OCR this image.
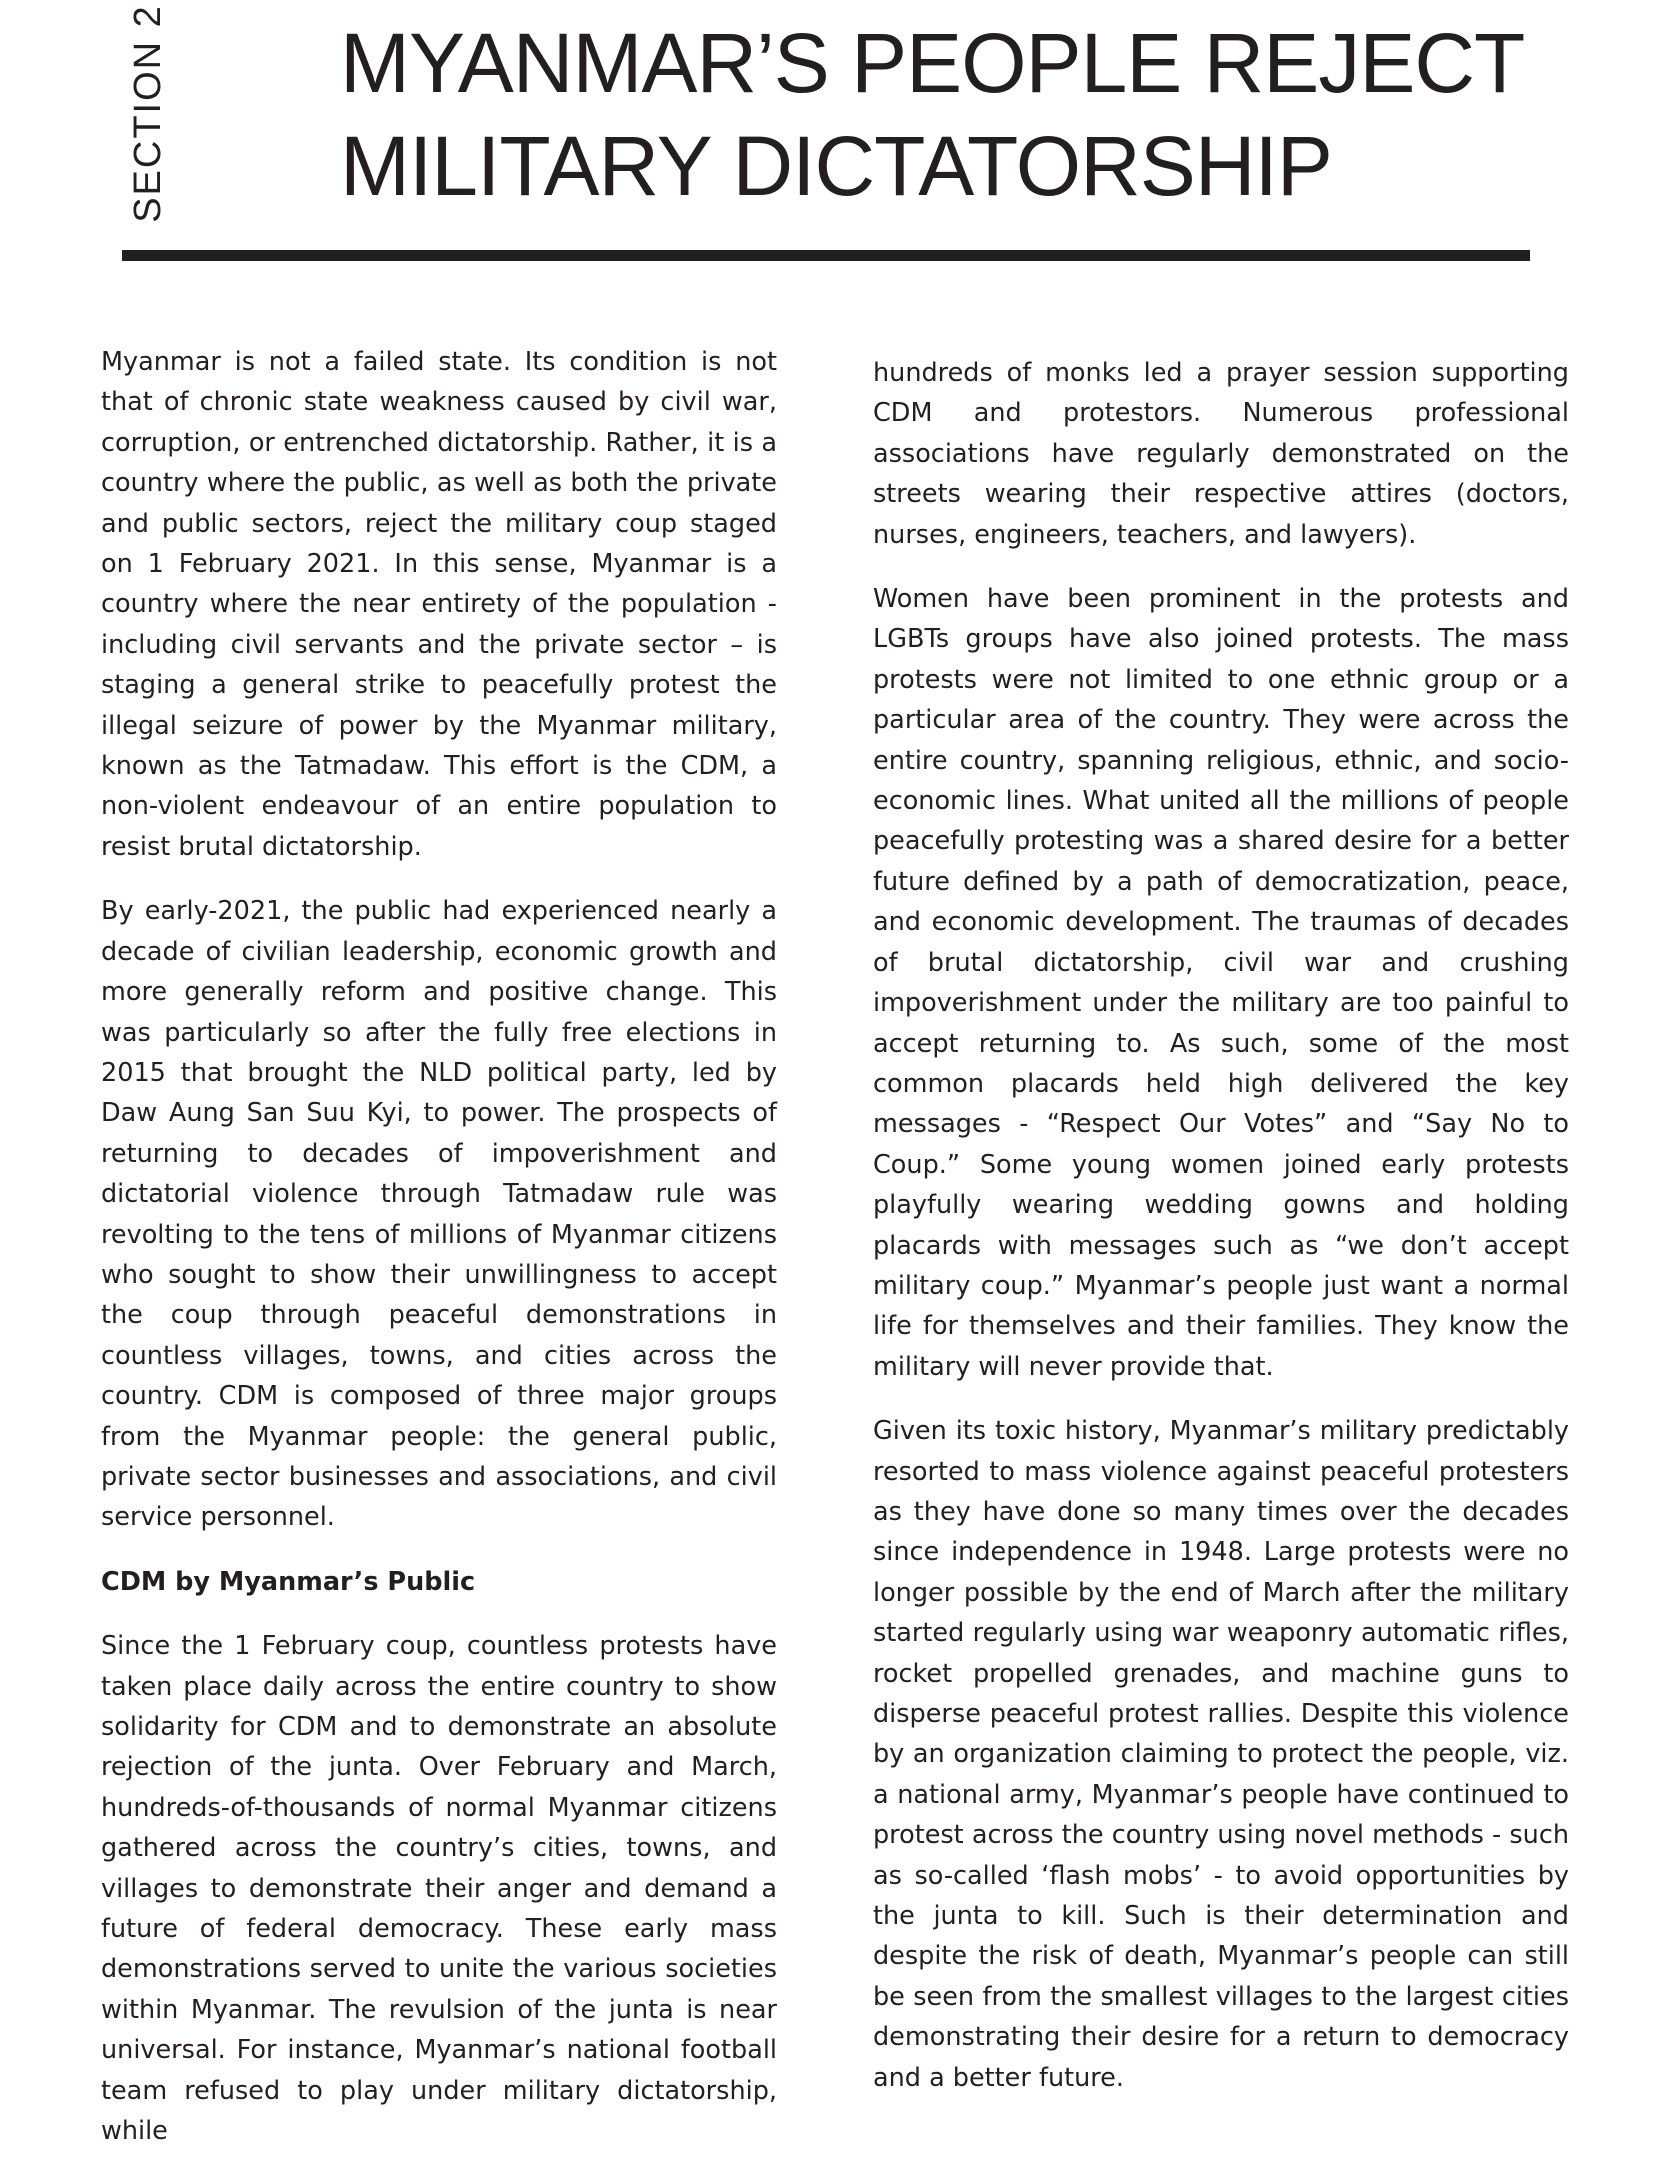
SECTION 2 MYANMAR’S PEOPLE REJECT
MILITARY DICTATORSHIP

Myanmar is not a failed state. Its condition is not that of chronic state weakness caused by civil war, corruption, or entrenched dictatorship. Rather, it is a country where the public, as well as both the private and public sectors, reject the military coup staged on 1 February 2021. In this sense, Myanmar is a country where the near entirety of the population - including civil servants and the private sector – is staging a general strike to peacefully protest the illegal seizure of power by the Myanmar military, known as the Tatmadaw. This effort is the CDM, a non-violent endeavour of an entire population to resist brutal dictatorship.

By early-2021, the public had experienced nearly a decade of civilian leadership, economic growth and more generally reform and positive change. This was particularly so after the fully free elections in 2015 that brought the NLD political party, led by Daw Aung San Suu Kyi, to power. The prospects of returning to decades of impoverishment and dictatorial violence through Tatmadaw rule was revolting to the tens of millions of Myanmar citizens who sought to show their unwillingness to accept the coup through peaceful demonstrations in countless villages, towns, and cities across the country. CDM is composed of three major groups from the Myanmar people: the general public, private sector businesses and associations, and civil service personnel.

CDM by Myanmar’s Public

Since the 1 February coup, countless protests have taken place daily across the entire country to show solidarity for CDM and to demonstrate an absolute rejection of the junta. Over February and March, hundreds-of-thousands of normal Myanmar citizens gathered across the country’s cities, towns, and villages to demonstrate their anger and demand a future of federal democracy. These early mass demonstrations served to unite the various societies within Myanmar. The revulsion of the junta is near universal. For instance, Myanmar’s national football team refused to play under military dictatorship, while

hundreds of monks led a prayer session supporting CDM and protestors. Numerous professional associations have regularly demonstrated on the streets wearing their respective attires (doctors, nurses, engineers, teachers, and lawyers).

Women have been prominent in the protests and LGBTs groups have also joined protests. The mass protests were not limited to one ethnic group or a particular area of the country. They were across the entire country, spanning religious, ethnic, and socio-economic lines. What united all the millions of people peacefully protesting was a shared desire for a better future defined by a path of democratization, peace, and economic development. The traumas of decades of brutal dictatorship, civil war and crushing impoverishment under the military are too painful to accept returning to. As such, some of the most common placards held high delivered the key messages - “Respect Our Votes” and “Say No to Coup.” Some young women joined early protests playfully wearing wedding gowns and holding placards with messages such as “we don’t accept military coup.” Myanmar’s people just want a normal life for themselves and their families. They know the military will never provide that.

Given its toxic history, Myanmar’s military predictably resorted to mass violence against peaceful protesters as they have done so many times over the decades since independence in 1948. Large protests were no longer possible by the end of March after the military started regularly using war weaponry automatic rifles, rocket propelled grenades, and machine guns to disperse peaceful protest rallies. Despite this violence by an organization claiming to protect the people, viz. a national army, Myanmar’s people have continued to protest across the country using novel methods - such as so-called ‘flash mobs’ - to avoid opportunities by the junta to kill. Such is their determination and despite the risk of death, Myanmar’s people can still be seen from the smallest villages to the largest cities demonstrating their desire for a return to democracy and a better future.
